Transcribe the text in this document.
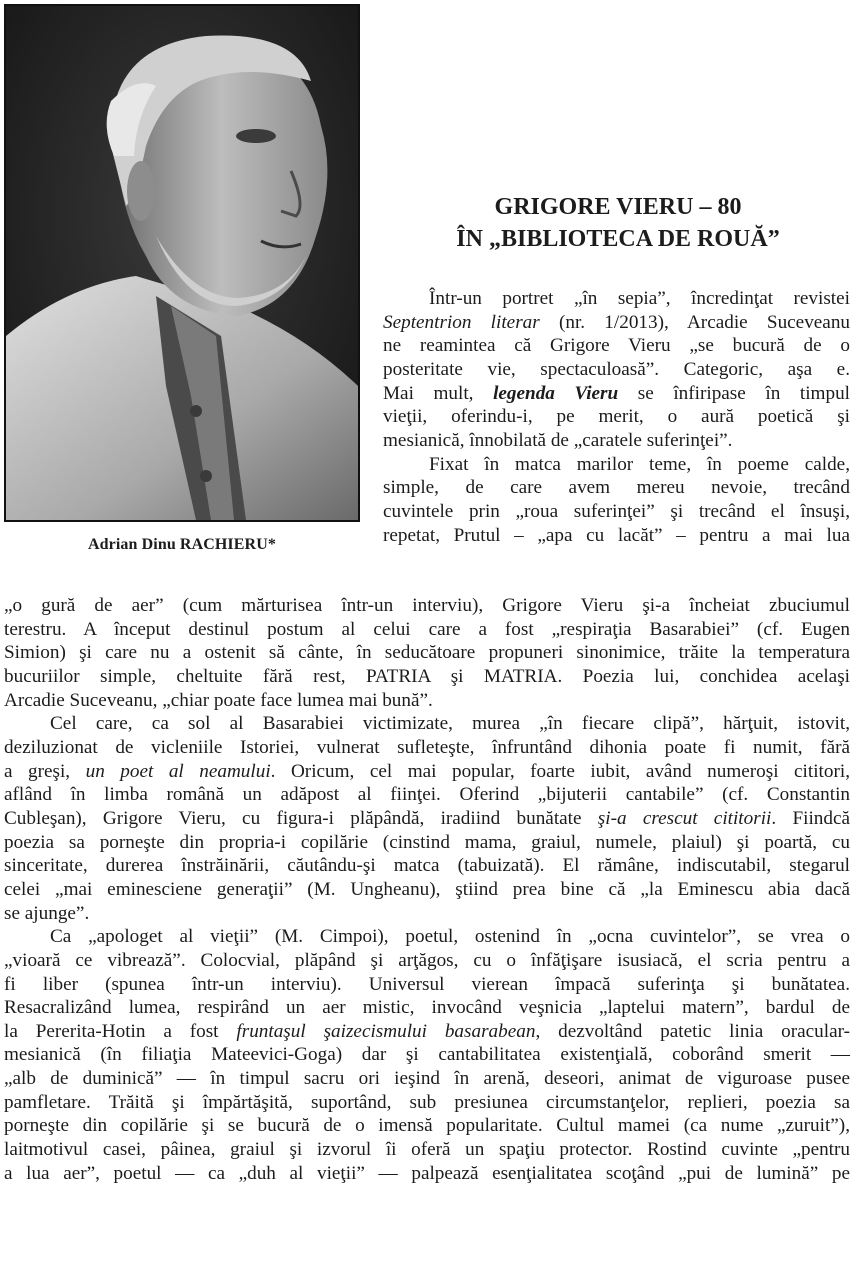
Adrian Dinu RACHIERU*
GRIGORE VIERU – 80
ÎN „BIBLIOTECA DE ROUĂ”
Într-un portret „în sepia”, încredinţat revistei
Septentrion literar (nr. 1/2013), Arcadie Suceveanu
ne reamintea că Grigore Vieru „se bucură de o
posteritate vie, spectaculoasă”. Categoric, aşa e.
Mai mult, legenda Vieru se înfiripase în timpul
vieţii, oferindu-i, pe merit, o aură poetică şi
mesianică, înnobilată de „caratele suferinţei”.
Fixat în matca marilor teme, în poeme calde,
simple, de care avem mereu nevoie, trecând
cuvintele prin „roua suferinţei” şi trecând el însuşi,
repetat, Prutul – „apa cu lacăt” – pentru a mai lua
„o gură de aer” (cum mărturisea într-un interviu), Grigore Vieru şi-a încheiat zbuciumul
terestru. A început destinul postum al celui care a fost „respiraţia Basarabiei” (cf. Eugen
Simion) şi care nu a ostenit să cânte, în seducătoare propuneri sinonimice, trăite la temperatura
bucuriilor simple, cheltuite fără rest, PATRIA şi MATRIA. Poezia lui, conchidea acelaşi
Arcadie Suceveanu, „chiar poate face lumea mai bună”.
Cel care, ca sol al Basarabiei victimizate, murea „în fiecare clipă”, hărţuit, istovit,
deziluzionat de vicleniile Istoriei, vulnerat sufleteşte, înfruntând dihonia poate fi numit, fără
a greşi, un poet al neamului. Oricum, cel mai popular, foarte iubit, având numeroşi cititori,
aflând în limba română un adăpost al fiinţei. Oferind „bijuterii cantabile” (cf. Constantin
Cubleşan), Grigore Vieru, cu figura-i plăpândă, iradiind bunătate şi-a crescut cititorii. Fiindcă
poezia sa porneşte din propria-i copilărie (cinstind mama, graiul, numele, plaiul) şi poartă, cu
sinceritate, durerea înstrăinării, căutându-şi matca (tabuizată). El rămâne, indiscutabil, stegarul
celei „mai eminesciene generaţii” (M. Ungheanu), ştiind prea bine că „la Eminescu abia dacă
se ajunge”.
Ca „apologet al vieţii” (M. Cimpoi), poetul, ostenind în „ocna cuvintelor”, se vrea o
„vioară ce vibrează”. Colocvial, plăpând şi arţăgos, cu o înfăţişare isusiacă, el scria pentru a
fi liber (spunea într-un interviu). Universul vierean împacă suferinţa şi bunătatea.
Resacralizând lumea, respirând un aer mistic, invocând veşnicia „laptelui matern”, bardul de
la Pererita-Hotin a fost fruntaşul şaizecismului basarabean, dezvoltând patetic linia oracular-
mesianică (în filiaţia Mateevici-Goga) dar şi cantabilitatea existenţială, coborând smerit —
„alb de duminică” — în timpul sacru ori ieşind în arenă, deseori, animat de viguroase pusee
pamfletare. Trăită şi împărtăşită, suportând, sub presiunea circumstanţelor, replieri, poezia sa
porneşte din copilărie şi se bucură de o imensă popularitate. Cultul mamei (ca nume „zuruit”),
laitmotivul casei, pâinea, graiul şi izvorul îi oferă un spaţiu protector. Rostind cuvinte „pentru
a lua aer”, poetul — ca „duh al vieţii” — palpează esenţialitatea scoţând „pui de lumină” pe
